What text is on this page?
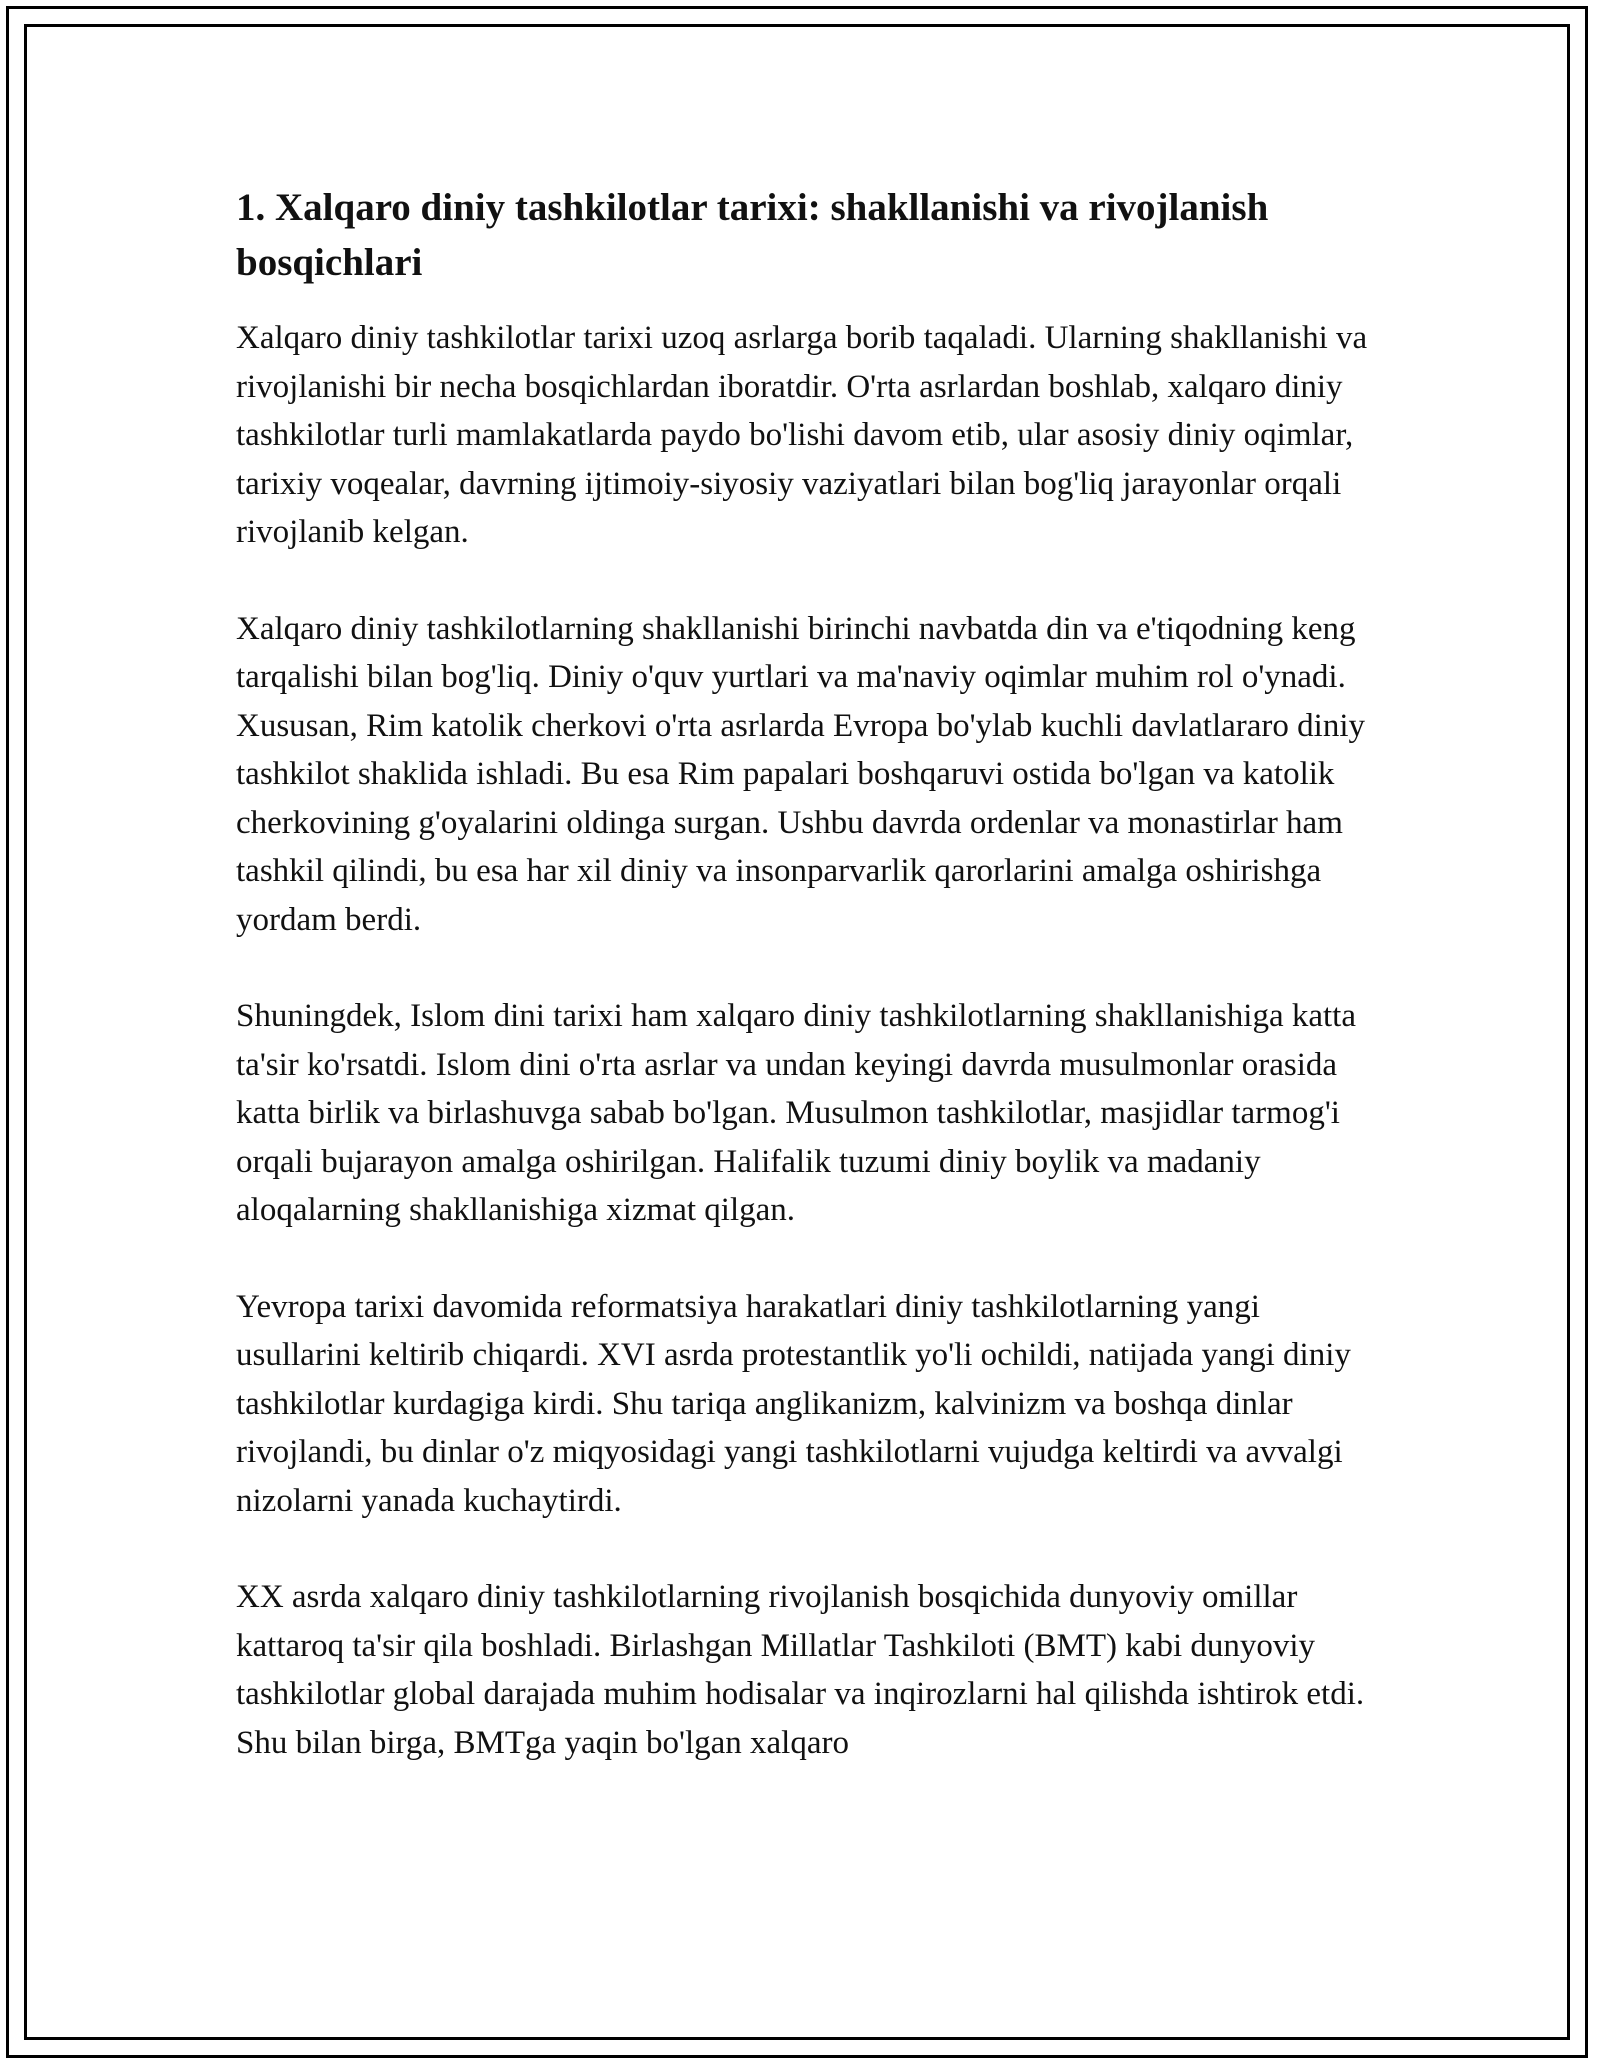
1. Xalqaro diniy tashkilotlar tarixi: shakllanishi va rivojlanish bosqichlari

Xalqaro diniy tashkilotlar tarixi uzoq asrlarga borib taqaladi. Ularning shakllanishi va rivojlanishi bir necha bosqichlardan iboratdir. O'rta asrlardan boshlab, xalqaro diniy tashkilotlar turli mamlakatlarda paydo bo'lishi davom etib, ular asosiy diniy oqimlar, tarixiy voqealar, davrning ijtimoiy-siyosiy vaziyatlari bilan bog'liq jarayonlar orqali rivojlanib kelgan.

Xalqaro diniy tashkilotlarning shakllanishi birinchi navbatda din va e'tiqodning keng tarqalishi bilan bog'liq. Diniy o'quv yurtlari va ma'naviy oqimlar muhim rol o'ynadi. Xususan, Rim katolik cherkovi o'rta asrlarda Evropa bo'ylab kuchli davlatlararo diniy tashkilot shaklida ishladi. Bu esa Rim papalari boshqaruvi ostida bo'lgan va katolik cherkovining g'oyalarini oldinga surgan. Ushbu davrda ordenlar va monastirlar ham tashkil qilindi, bu esa har xil diniy va insonparvarlik qarorlarini amalga oshirishga yordam berdi.

Shuningdek, Islom dini tarixi ham xalqaro diniy tashkilotlarning shakllanishiga katta ta'sir ko'rsatdi. Islom dini o'rta asrlar va undan keyingi davrda musulmonlar orasida katta birlik va birlashuvga sabab bo'lgan. Musulmon tashkilotlar, masjidlar tarmog'i orqali bujarayon amalga oshirilgan. Halifalik tuzumi diniy boylik va madaniy aloqalarning shakllanishiga xizmat qilgan.

Yevropa tarixi davomida reformatsiya harakatlari diniy tashkilotlarning yangi usullarini keltirib chiqardi. XVI asrda protestantlik yo'li ochildi, natijada yangi diniy tashkilotlar kurdagiga kirdi. Shu tariqa anglikanizm, kalvinizm va boshqa dinlar rivojlandi, bu dinlar o'z miqyosidagi yangi tashkilotlarni vujudga keltirdi va avvalgi nizolarni yanada kuchaytirdi.

XX asrda xalqaro diniy tashkilotlarning rivojlanish bosqichida dunyoviy omillar kattaroq ta'sir qila boshladi. Birlashgan Millatlar Tashkiloti (BMT) kabi dunyoviy tashkilotlar global darajada muhim hodisalar va inqirozlarni hal qilishda ishtirok etdi. Shu bilan birga, BMTga yaqin bo'lgan xalqaro
